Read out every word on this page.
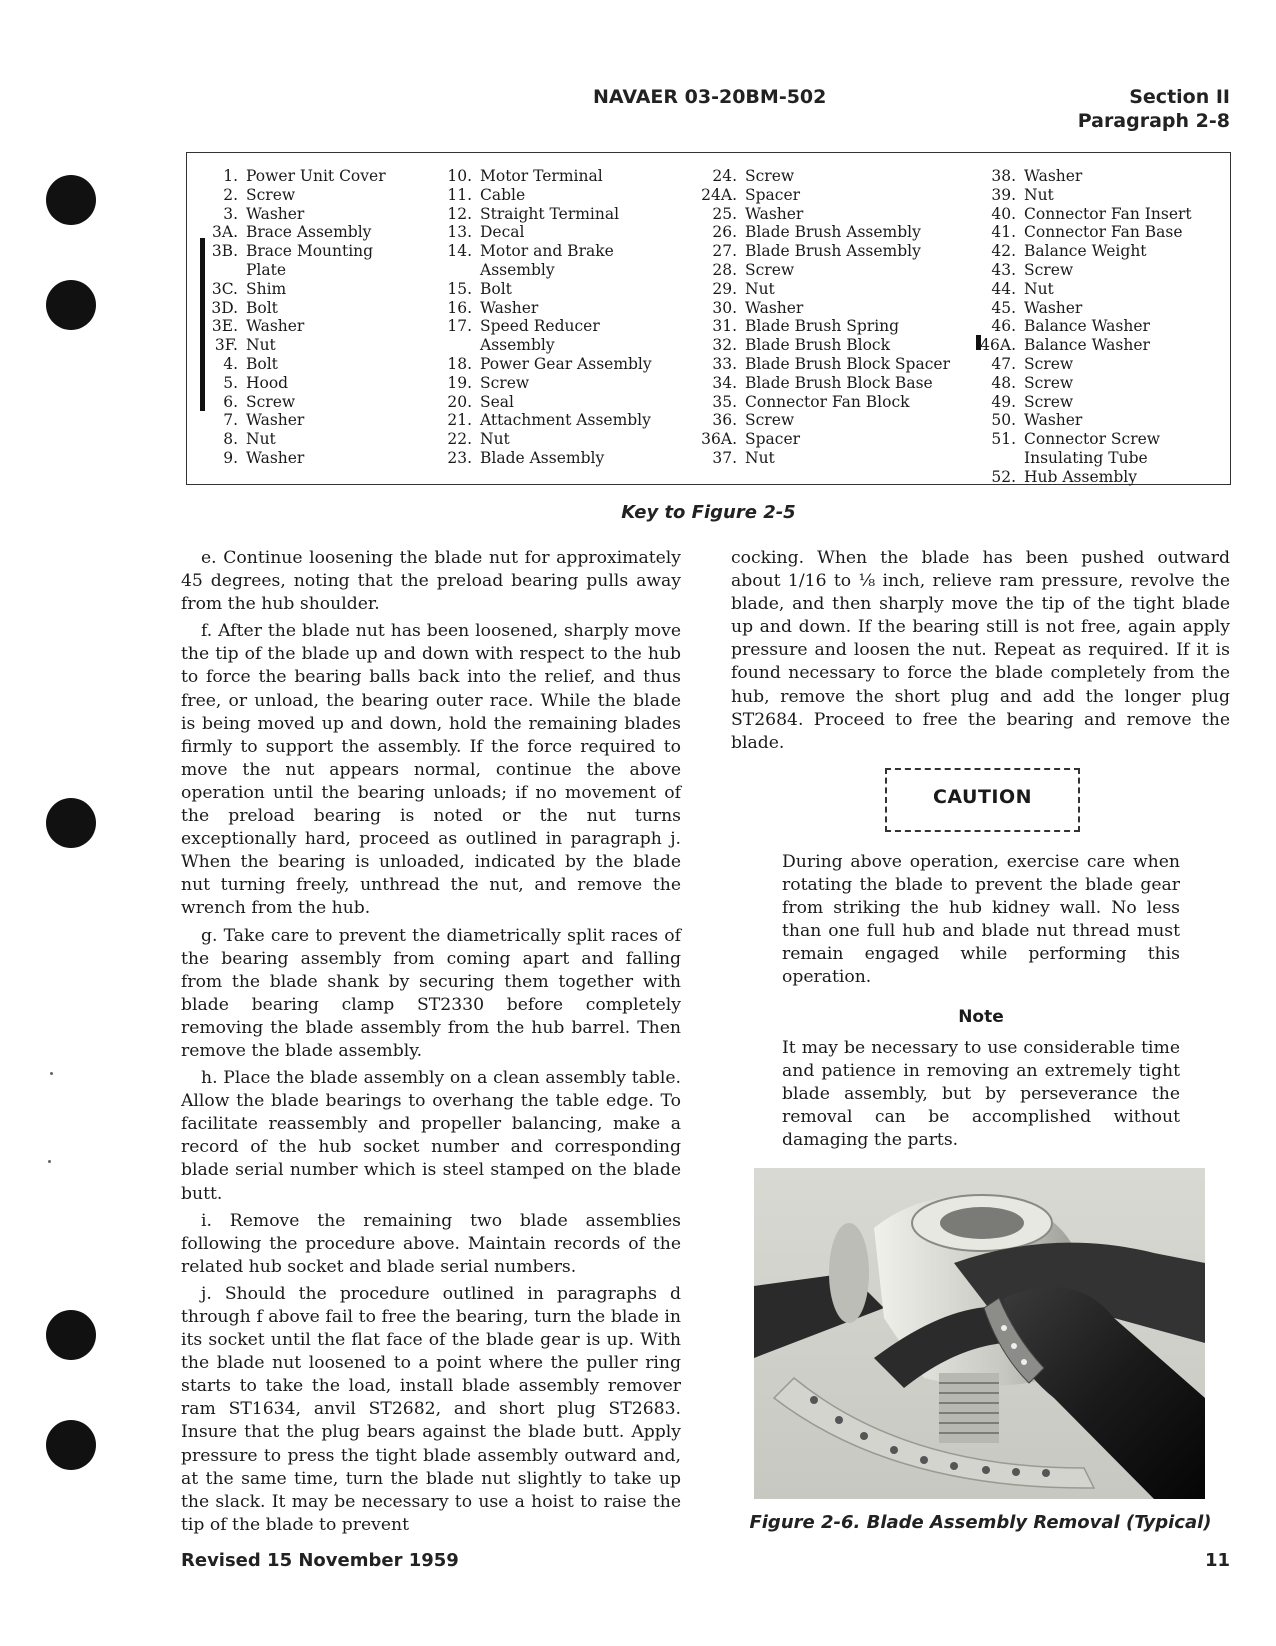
NAVAER 03-20BM-502	Section II
Paragraph 2-8
1. Power Unit Cover
2. Screw
3. Washer
3A. Brace Assembly
3B. Brace Mounting
Plate
3C. Shim
3D. Bolt
3E. Washer
3F. Nut
4. Bolt
5. Hood
6. Screw
7. Washer
8. Nut
9. Washer
10. Motor Terminal
11. Cable
12. Straight Terminal
13. Decal
14. Motor and Brake
Assembly
15. Bolt
16. Washer
17. Speed Reducer
Assembly
18. Power Gear Assembly
19. Screw
20. Seal
21. Attachment Assembly
22. Nut
23. Blade Assembly
24. Screw
24A. Spacer
25. Washer
26. Blade Brush Assembly
27. Blade Brush Assembly
28. Screw
29. Nut
30. Washer
31. Blade Brush Spring
32. Blade Brush Block
33. Blade Brush Block Spacer
34. Blade Brush Block Base
35. Connector Fan Block
36. Screw
36A. Spacer
37. Nut
38. Washer
39. Nut
40. Connector Fan Insert
41. Connector Fan Base
42. Balance Weight
43. Screw
44. Nut
45. Washer
46. Balance Washer
46A. Balance Washer
47. Screw
48. Screw
49. Screw
50. Washer
51. Connector Screw
Insulating Tube
52. Hub Assembly
Key to Figure 2-5

e. Continue loosening the blade nut for approximately 45 degrees, noting that the preload bearing pulls away from the hub shoulder.

f. After the blade nut has been loosened, sharply move the tip of the blade up and down with respect to the hub to force the bearing balls back into the relief, and thus free, or unload, the bearing outer race. While the blade is being moved up and down, hold the remaining blades firmly to support the assembly. If the force required to move the nut appears normal, continue the above operation until the bearing unloads; if no movement of the preload bearing is noted or the nut turns exceptionally hard, proceed as outlined in paragraph j. When the bearing is unloaded, indicated by the blade nut turning freely, unthread the nut, and remove the wrench from the hub.

g. Take care to prevent the diametrically split races of the bearing assembly from coming apart and falling from the blade shank by securing them together with blade bearing clamp ST2330 before completely removing the blade assembly from the hub barrel. Then remove the blade assembly.

h. Place the blade assembly on a clean assembly table. Allow the blade bearings to overhang the table edge. To facilitate reassembly and propeller balancing, make a record of the hub socket number and corresponding blade serial number which is steel stamped on the blade butt.

i. Remove the remaining two blade assemblies following the procedure above. Maintain records of the related hub socket and blade serial numbers.

j. Should the procedure outlined in paragraphs d through f above fail to free the bearing, turn the blade in its socket until the flat face of the blade gear is up. With the blade nut loosened to a point where the puller ring starts to take the load, install blade assembly remover ram ST1634, anvil ST2682, and short plug ST2683. Insure that the plug bears against the blade butt. Apply pressure to press the tight blade assembly outward and, at the same time, turn the blade nut slightly to take up the slack. It may be necessary to use a hoist to raise the tip of the blade to prevent

cocking. When the blade has been pushed outward about 1/16 to ⅛ inch, relieve ram pressure, revolve the blade, and then sharply move the tip of the tight blade up and down. If the bearing still is not free, again apply pressure and loosen the nut. Repeat as required. If it is found necessary to force the blade completely from the hub, remove the short plug and add the longer plug ST2684. Proceed to free the bearing and remove the blade.

CAUTION

During above operation, exercise care when rotating the blade to prevent the blade gear from striking the hub kidney wall. No less than one full hub and blade nut thread must remain engaged while performing this operation.

Note

It may be necessary to use considerable time and patience in removing an extremely tight blade assembly, but by perseverance the removal can be accomplished without damaging the parts.

Figure 2-6. Blade Assembly Removal (Typical)
Revised 15 November 1959	11
